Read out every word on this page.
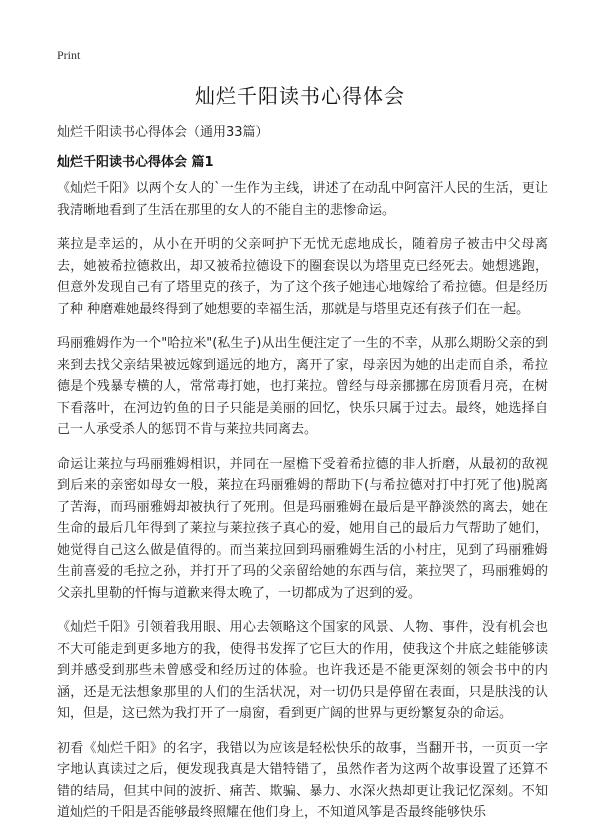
Print
灿烂千阳读书心得体会

灿烂千阳读书心得体会（通用33篇）

灿烂千阳读书心得体会 篇1

《灿烂千阳》以两个女人的`一生作为主线，讲述了在动乱中阿富汗人民的生活，更让我清晰地看到了生活在那里的女人的不能自主的悲惨命运。

莱拉是幸运的，从小在开明的父亲呵护下无忧无虑地成长，随着房子被击中父母离去，她被希拉德救出，却又被希拉德设下的圈套误以为塔里克已经死去。她想逃跑，但意外发现自己有了塔里克的孩子，为了这个孩子她违心地嫁给了希拉德。但是经历了种 种磨难她最终得到了她想要的幸福生活，那就是与塔里克还有孩子们在一起。

玛丽雅姆作为一个"哈拉米"(私生子)从出生便注定了一生的不幸，从那么期盼父亲的到来到去找父亲结果被远嫁到遥远的地方，离开了家，母亲因为她的出走而自杀，希拉德是个残暴专横的人，常常毒打她，也打莱拉。曾经与母亲挪挪在房顶看月亮，在树下看落叶，在河边钓鱼的日子只能是美丽的回忆，快乐只属于过去。最终，她选择自己一人承受杀人的惩罚不肯与莱拉共同离去。

命运让莱拉与玛丽雅姆相识，并同在一屋檐下受着希拉德的非人折磨，从最初的敌视到后来的亲密如母女一般，莱拉在玛丽雅姆的帮助下(与希拉德对打中打死了他)脱离了苦海，而玛丽雅姆却被执行了死刑。但是玛丽雅姆在最后是平静淡然的离去，她在生命的最后几年得到了莱拉与莱拉孩子真心的爱，她用自己的最后力气帮助了她们，她觉得自己这么做是值得的。而当莱拉回到玛丽雅姆生活的小村庄，见到了玛丽雅姆生前喜爱的毛拉之孙，并打开了玛的父亲留给她的东西与信，莱拉哭了，玛丽雅姆的父亲扎里勒的忏悔与道歉来得太晚了，一切都成为了迟到的爱。

《灿烂千阳》引领着我用眼、用心去领略这个国家的风景、人物、事件，没有机会也不大可能走到更多地方的我，使得书发挥了它巨大的作用，使我这个井底之蛙能够读到并感受到那些未曾感受和经历过的体验。也许我还是不能更深刻的领会书中的内涵，还是无法想象那里的人们的生活状况，对一切仍只是停留在表面，只是肤浅的认知，但是，这已然为我打开了一扇窗，看到更广阔的世界与更纷繁复杂的命运。

初看《灿烂千阳》的名字，我错以为应该是轻松快乐的故事，当翻开书，一页页一字字地认真读过之后，便发现我真是大错特错了，虽然作者为这两个故事设置了还算不错的结局，但其中间的波折、痛苦、欺骗、暴力、水深火热却更让我记忆深刻。不知道灿烂的千阳是否能够最终照耀在他们身上，不知道风筝是否最终能够快乐
